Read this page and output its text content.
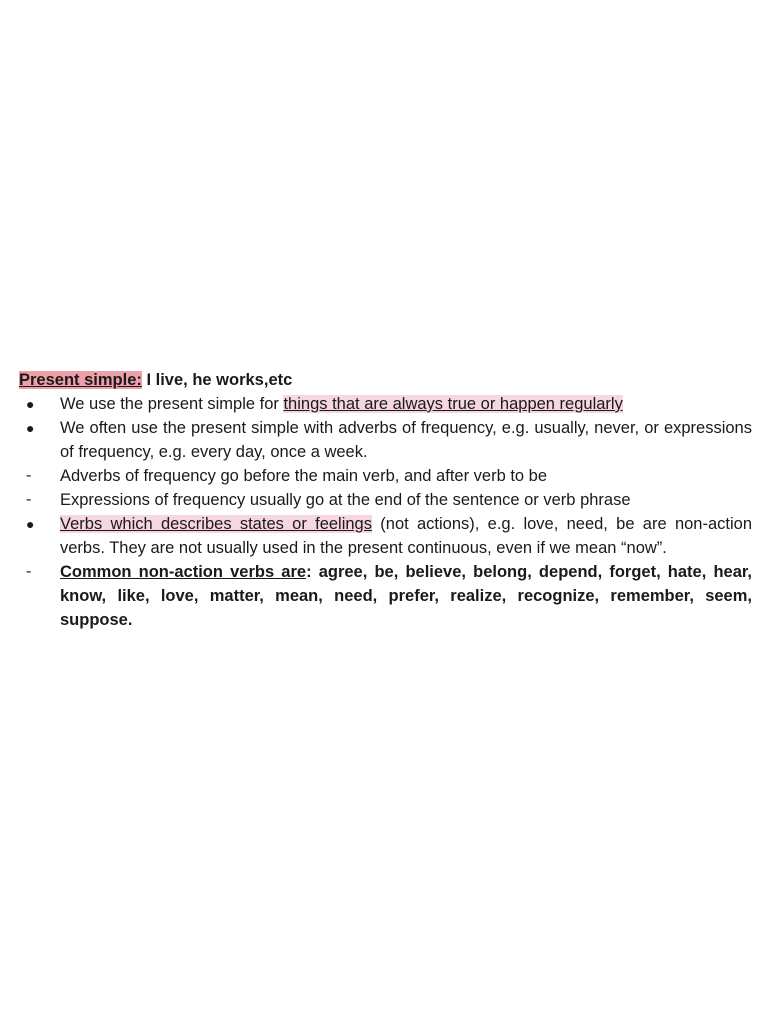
Present simple: I live, he works,etc
●	We use the present simple for things that are always true or happen regularly
●	We often use the present simple with adverbs of frequency, e.g. usually, never, or expressions of frequency, e.g. every day, once a week.
-	Adverbs of frequency go before the main verb, and after verb to be
-	Expressions of frequency usually go at the end of the sentence or verb phrase
●	Verbs which describes states or feelings (not actions), e.g. love, need, be are non-action verbs. They are not usually used in the present continuous, even if we mean “now”.
-	Common non-action verbs are: agree, be, believe, belong, depend, forget, hate, hear, know, like, love, matter, mean, need, prefer, realize, recognize, remember, seem, suppose.
